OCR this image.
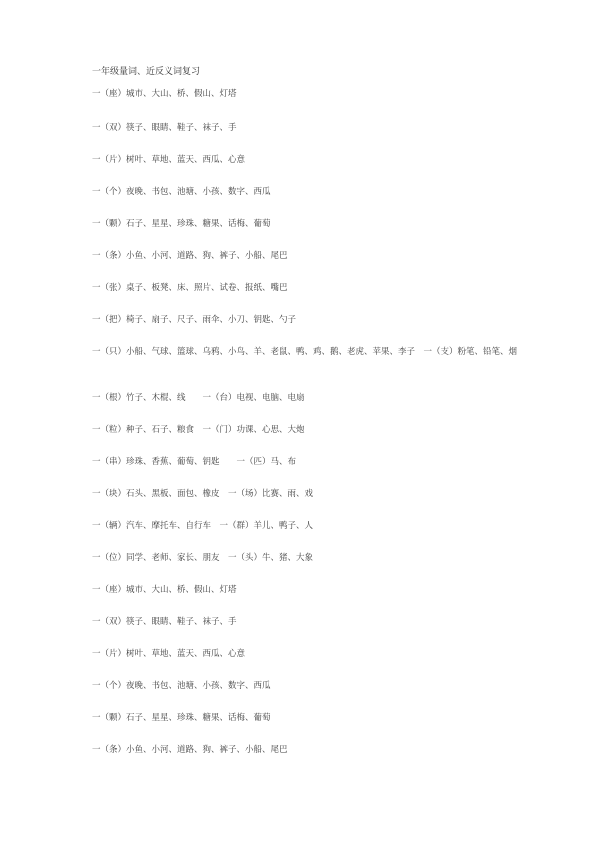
一年级量词、近反义词复习
一（座）城市、大山、桥、假山、灯塔
一（双）筷子、眼睛、鞋子、袜子、手
一（片）树叶、草地、蓝天、西瓜、心意
一（个）夜晚、书包、池塘、小孩、数字、西瓜
一（颗）石子、星星、珍珠、糖果、话梅、葡萄
一（条）小鱼、小河、道路、狗、裤子、小船、尾巴
一（张）桌子、板凳、床、照片、试卷、报纸、嘴巴
一（把）椅子、扇子、尺子、雨伞、小刀、钥匙、勺子
一（只）小船、气球、篮球、乌鸦、小鸟、羊、老鼠、鸭、鸡、鹅、老虎、苹果、李子　一（支）粉笔、铅笔、烟
一（根）竹子、木棍、线　　一（台）电视、电脑、电扇
一（粒）种子、石子、粮食　一（门）功课、心思、大炮
一（串）珍珠、香蕉、葡萄、钥匙　　一（匹）马、布
一（块）石头、黑板、面包、橡皮　一（场）比赛、雨、戏
一（辆）汽车、摩托车、自行车　一（群）羊儿、鸭子、人
一（位）同学、老师、家长、朋友　一（头）牛、猪、大象
一（座）城市、大山、桥、假山、灯塔
一（双）筷子、眼睛、鞋子、袜子、手
一（片）树叶、草地、蓝天、西瓜、心意
一（个）夜晚、书包、池塘、小孩、数字、西瓜
一（颗）石子、星星、珍珠、糖果、话梅、葡萄
一（条）小鱼、小河、道路、狗、裤子、小船、尾巴
